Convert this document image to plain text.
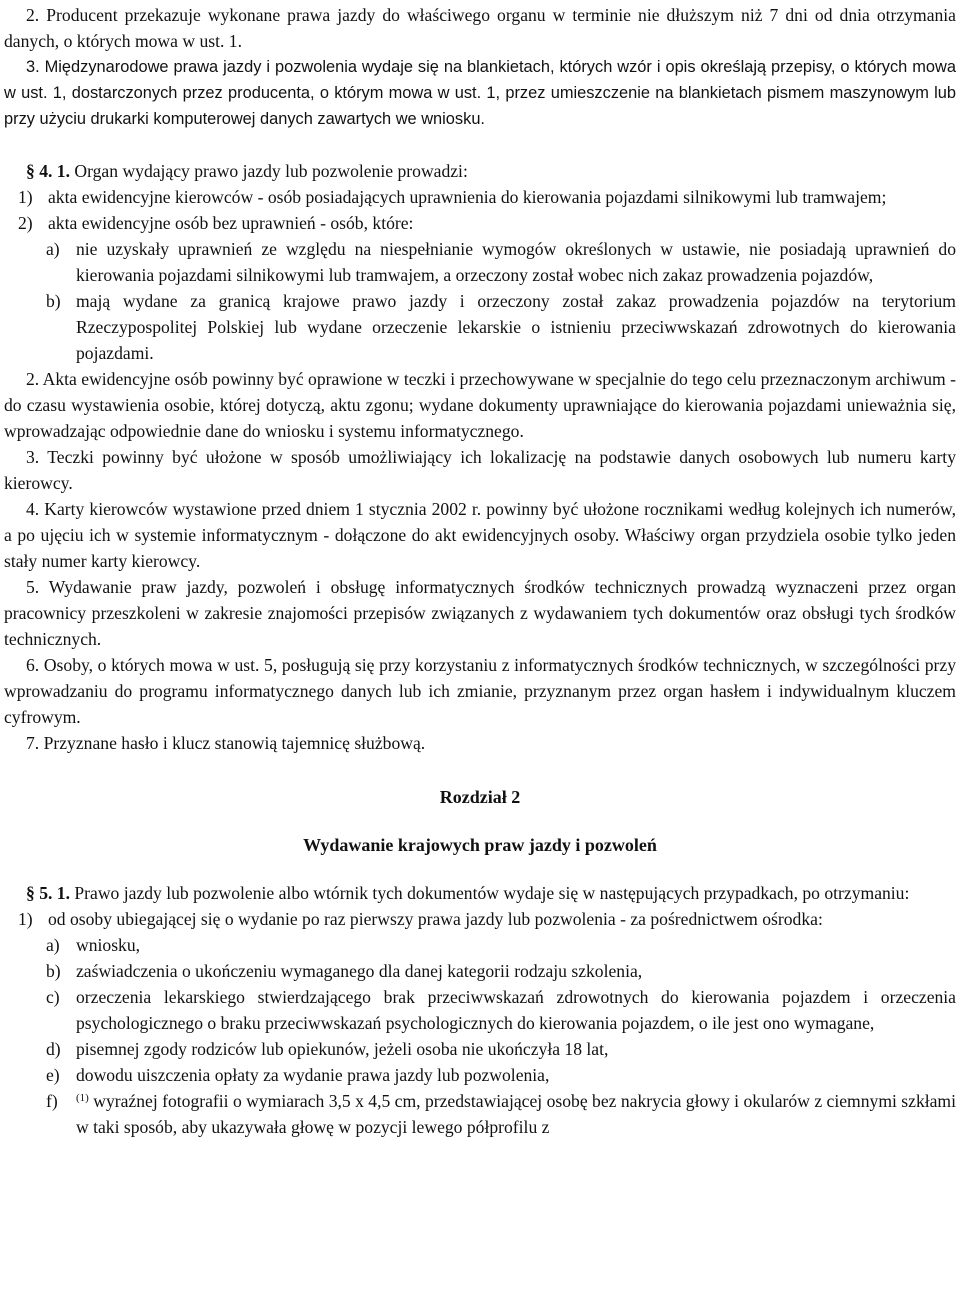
2. Producent przekazuje wykonane prawa jazdy do właściwego organu w terminie nie dłuższym niż 7 dni od dnia otrzymania danych, o których mowa w ust. 1.

3. Międzynarodowe prawa jazdy i pozwolenia wydaje się na blankietach, których wzór i opis określają przepisy, o których mowa w ust. 1, dostarczonych przez producenta, o którym mowa w ust. 1, przez umieszczenie na blankietach pismem maszynowym lub przy użyciu drukarki komputerowej danych zawartych we wniosku.

§ 4. 1. Organ wydający prawo jazdy lub pozwolenie prowadzi:

1) akta ewidencyjne kierowców - osób posiadających uprawnienia do kierowania pojazdami silnikowymi lub tramwajem;
2) akta ewidencyjne osób bez uprawnień - osób, które:
a) nie uzyskały uprawnień ze względu na niespełnianie wymogów określonych w ustawie, nie posiadają uprawnień do kierowania pojazdami silnikowymi lub tramwajem, a orzeczony został wobec nich zakaz prowadzenia pojazdów,
b) mają wydane za granicą krajowe prawo jazdy i orzeczony został zakaz prowadzenia pojazdów na terytorium Rzeczypospolitej Polskiej lub wydane orzeczenie lekarskie o istnieniu przeciwwskazań zdrowotnych do kierowania pojazdami.

2. Akta ewidencyjne osób powinny być oprawione w teczki i przechowywane w specjalnie do tego celu przeznaczonym archiwum - do czasu wystawienia osobie, której dotyczą, aktu zgonu; wydane dokumenty uprawniające do kierowania pojazdami unieważnia się, wprowadzając odpowiednie dane do wniosku i systemu informatycznego.

3. Teczki powinny być ułożone w sposób umożliwiający ich lokalizację na podstawie danych osobowych lub numeru karty kierowcy.

4. Karty kierowców wystawione przed dniem 1 stycznia 2002 r. powinny być ułożone rocznikami według kolejnych ich numerów, a po ujęciu ich w systemie informatycznym - dołączone do akt ewidencyjnych osoby. Właściwy organ przydziela osobie tylko jeden stały numer karty kierowcy.

5. Wydawanie praw jazdy, pozwoleń i obsługę informatycznych środków technicznych prowadzą wyznaczeni przez organ pracownicy przeszkoleni w zakresie znajomości przepisów związanych z wydawaniem tych dokumentów oraz obsługi tych środków technicznych.

6. Osoby, o których mowa w ust. 5, posługują się przy korzystaniu z informatycznych środków technicznych, w szczególności przy wprowadzaniu do programu informatycznego danych lub ich zmianie, przyznanym przez organ hasłem i indywidualnym kluczem cyfrowym.

7. Przyznane hasło i klucz stanowią tajemnicę służbową.

Rozdział 2

Wydawanie krajowych praw jazdy i pozwoleń

§ 5. 1. Prawo jazdy lub pozwolenie albo wtórnik tych dokumentów wydaje się w następujących przypadkach, po otrzymaniu:

1) od osoby ubiegającej się o wydanie po raz pierwszy prawa jazdy lub pozwolenia - za pośrednictwem ośrodka:
a) wniosku,
b) zaświadczenia o ukończeniu wymaganego dla danej kategorii rodzaju szkolenia,
c) orzeczenia lekarskiego stwierdzającego brak przeciwwskazań zdrowotnych do kierowania pojazdem i orzeczenia psychologicznego o braku przeciwwskazań psychologicznych do kierowania pojazdem, o ile jest ono wymagane,
d) pisemnej zgody rodziców lub opiekunów, jeżeli osoba nie ukończyła 18 lat,
e) dowodu uiszczenia opłaty za wydanie prawa jazdy lub pozwolenia,
f)	$^{(1)}$ wyraźnej fotografii o wymiarach 3,5 x 4,5 cm, przedstawiającej osobę bez nakrycia głowy i okularów z ciemnymi szkłami w taki sposób, aby ukazywała głowę w pozycji lewego półprofilu z
